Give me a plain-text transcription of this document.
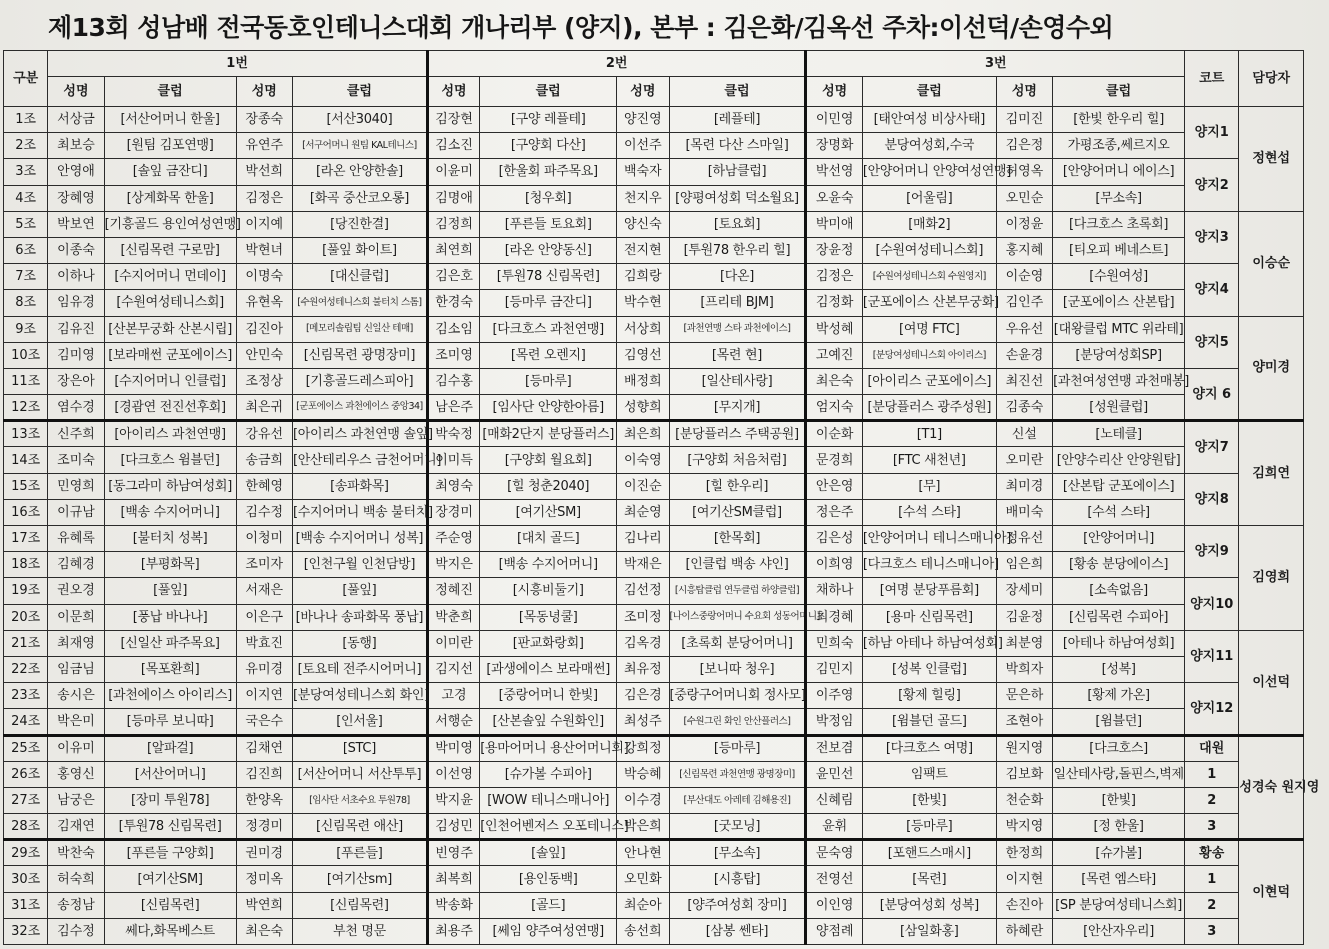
제13회 성남배 전국동호인테니스대회 개나리부 (양지), 본부 : 김은화/김옥선 주차:이선덕/손영수외
구분	1번				2번				3번				코트	담당자
	성명	클럽	성명	클럽	성명	클럽	성명	클럽	성명	클럽	성명	클럽		
1조	서상금	[서산어머니 한울]	장종숙	[서산3040]	김장현	[구양 레플테]	양진영	[레플테]	이민영	[태안여성 비상사태]	김미진	[한빛 한우리 힐]	양지1	정현섭
2조	최보승	[원팀 김포연맹]	유연주	[서구어머니 원팀 KAL테니스]	김소진	[구양회 다산]	이선주	[목련 다산 스마일]	장명화	분당여성회,수국	김은정	가평조종,쎄르지오		
3조	안영애	[솔잎 금잔디]	박선희	[라온 안양한솔]	이윤미	[한울회 파주목요]	백숙자	[하남클럽]	박선영	[안양어머니 안양여성연맹]	허영옥	[안양어머니 에이스]	양지2	
4조	장혜영	[상계화목 한울]	김정은	[화곡 중산코오롱]	김명애	[청우회]	천지우	[양평여성회 덕소월요]	오윤숙	[어울림]	오민순	[무소속]		
5조	박보연	[기흥골드 용인여성연맹]	이지예	[당진한결]	김정희	[푸른들 토요회]	양신숙	[토요회]	박미애	[매화2]	이정윤	[다크호스 초록회]	양지3	이승순
6조	이종숙	[신림목련 구로맘]	박현녀	[풀잎 화이트]	최연희	[라온 안양동신]	전지현	[투원78 한우리 힐]	장윤정	[수원여성테니스회]	홍지혜	[티오피 베네스트]		
7조	이하나	[수지어머니 먼데이]	이명숙	[대신클럽]	김은호	[투원78 신림목련]	김희랑	[다온]	김정은	[수원여성테니스회 수원영지]	이순영	[수원여성]	양지4	
8조	임유경	[수원여성테니스회]	유현옥	[수원여성테니스회 불터치 스톰]	한경숙	[등마루 금잔디]	박수현	[프리테 BJM]	김정화	[군포에이스 산본무궁화]	김인주	[군포에이스 산본탑]		
9조	김유진	[산본무궁화 산본시립]	김진아	[메모리솔립팀 신일산 테매]	김소임	[다크호스 과천연맹]	서상희	[과천연맹 스타 과천에이스]	박성혜	[여명 FTC]	우유선	[대왕클럽 MTC 위라테]	양지5	양미경
10조	김미영	[보라매썬 군포에이스]	안민숙	[신림목련 광명장미]	조미영	[목련 오렌지]	김영선	[목련 현]	고예진	[분당여성테니스회 아이리스]	손윤경	[분당여성회SP]		
11조	장은아	[수지어머니 인클럽]	조정상	[기흥골드레스피아]	김수홍	[등마루]	배정희	[일산테사랑]	최은숙	[아이리스 군포에이스]	최진선	[과천여성연맹 과천매봉]	양지 6	
12조	염수경	[경괌연 전진선후회]	최은귀	[군포에이스 과천에이스 중앙34]	남은주	[임사단 안양한아름]	성향희	[무지개]	엄지숙	[분당플러스 광주성원]	김종숙	[성원클럽]		
13조	신주희	[아이리스 과천연맹]	강유선	[아이리스 과천연맹 솔잎]	박숙정	[매화2단지 분당플러스]	최은희	[분당플러스 주택공원]	이순화	[T1]	신설	[노테클]	양지7	김희연
14조	조미숙	[다크호스 윔블던]	송금희	[안산테리우스 금천어머니]	이미득	[구양회 월요회]	이숙영	[구양회 처음처럼]	문경희	[FTC 새천년]	오미란	[안양수리산 안양원탑]		
15조	민영희	[동그라미 하남여성회]	한혜영	[송파화목]	최영숙	[힐 청춘2040]	이진순	[힐 한우리]	안은영	[무]	최미경	[산본탑 군포에이스]	양지8	
16조	이규남	[백송 수지어머니]	김수정	[수지어머니 백송 불터치]	장경미	[여기산SM]	최순영	[여기산SM클럽]	정은주	[수석 스타]	배미숙	[수석 스타]		
17조	유혜록	[불터치 성복]	이청미	[백송 수지어머니 성복]	주순영	[대치 골드]	김나리	[한목회]	김은성	[안양어머니 테니스매니아]	정유선	[안양어머니]	양지9	김영희
18조	김혜경	[부평화목]	조미자	[인천구월 인천담방]	박지은	[백송 수지어머니]	박재은	[인클럽 백송 샤인]	이희영	[다크호스 테니스매니아]	임은희	[황송 분당에이스]		
19조	권오경	[풀잎]	서재은	[풀잎]	정혜진	[시흥비둘기]	김선정	[시흥탑클럽 연두클럽 하양클럽]	채하나	[여명 분당푸름회]	장세미	[소속없음]	양지10	
20조	이문희	[풍납 바나나]	이은구	[바나나 송파화목 풍납]	박춘희	[목동녕쿨]	조미정	[나이스중랑어머니 수요회 성동어머니]	최경혜	[용마 신림목련]	김윤정	[신림목련 수피아]		
21조	최재영	[신일산 파주목요]	박효진	[동행]	이미란	[판교화랑회]	김옥경	[초록회 분당어머니]	민희숙	[하남 아테나 하남여성회]	최분영	[아테나 하남여성회]	양지11	이선덕
22조	임금님	[목포환희]	유미경	[토요테 전주시어머니]	김지선	[과생에이스 보라매썬]	최유정	[보니따 청우]	김민지	[성복 인클럽]	박희자	[성복]		
23조	송시은	[과천에이스 아이리스]	이지연	[분당여성테니스회 화인]	고경	[중랑어머니 한빛]	김은경	[중랑구어머니회 정사모]	이주영	[황제 힐링]	문은하	[황제 가온]	양지12	
24조	박은미	[등마루 보니따]	국은수	[인서울]	서행순	[산본솔잎 수원화인]	최성주	[수원그린 화인 안산플러스]	박정임	[윔블던 골드]	조현아	[윔블던]		
25조	이유미	[알파걸]	김채연	[STC]	박미영	[용마어머니 용산어머니회]	강희정	[등마루]	전보겸	[다크호스 여명]	원지영	[다크호스]	대원	성경숙 원지영
26조	홍영신	[서산어머니]	김진희	[서산어머니 서산투투]	이선영	[슈가볼 수피아]	박승혜	[신림목련 과천연맹 광명장미]	윤민선	임팩트	김보화	일산테사랑,돌핀스,벽제	1	
27조	남궁은	[장미 투원78]	한양옥	[임사단 서초수요 투원78]	박지윤	[WOW 테니스매니아]	이수경	[부산대도 아레테 김해용진]	신혜림	[한빛]	천순화	[한빛]	2	
28조	김재연	[투원78 신림목련]	정경미	[신림목련 애산]	김성민	[인천어벤저스 오포테니스]	박은희	[굿모닝]	윤휘	[등마루]	박지영	[정 한울]	3	
29조	박찬숙	[푸른들 구양회]	권미경	[푸른들]	빈영주	[솔잎]	안나현	[무소속]	문숙영	[포핸드스매시]	한정희	[슈가볼]	황송	이현덕
30조	허숙희	[여기산SM]	정미옥	[여기산sm]	최복희	[용인동백]	오민화	[시흥탑]	전영선	[목련]	이지현	[목련 엠스타]	1	
31조	송정남	[신림목련]	박연희	[신림목련]	박송화	[골드]	최순아	[양주여성회 장미]	이인영	[분당여성회 성복]	손진아	[SP 분당여성테니스회]	2	
32조	김수정	쎄다,화목베스트	최은숙	부천 명문	최용주	[쎄임 양주여성연맹]	송선희	[삼봉 쎈타]	양점례	[삼일화홍]	하혜란	[안산자우리]	3	
